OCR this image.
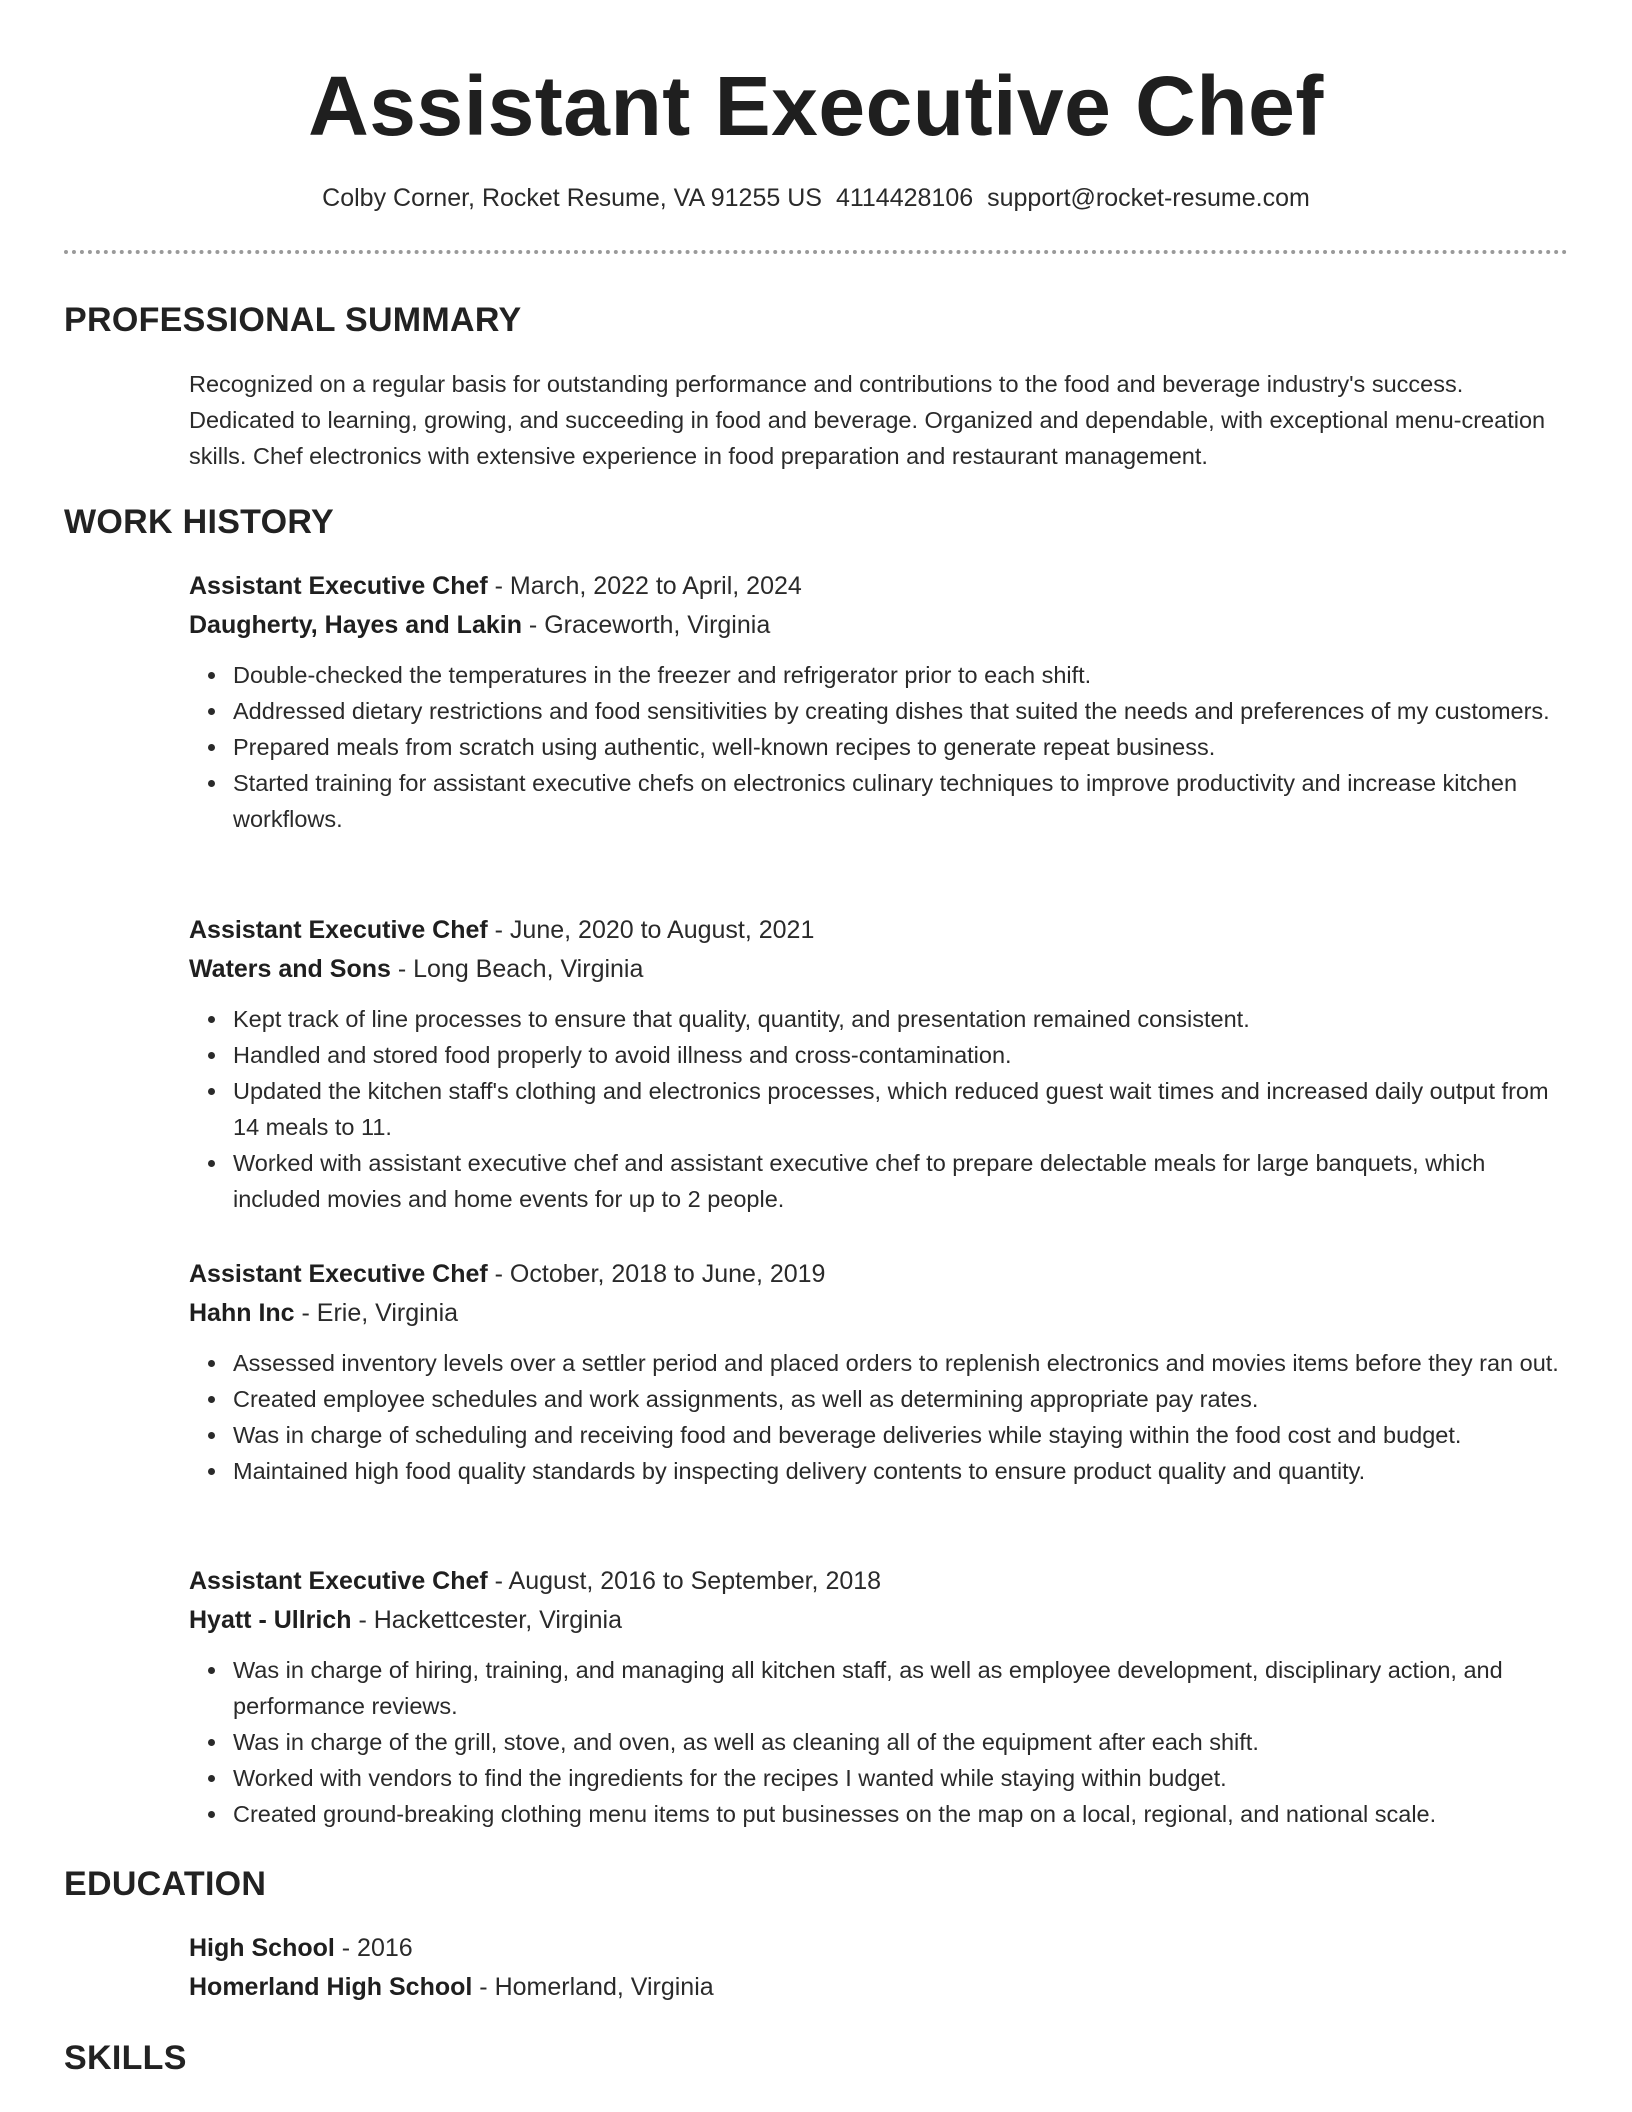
Assistant Executive Chef
Colby Corner, Rocket Resume, VA 91255 US 4114428106 support@rocket-resume.com
PROFESSIONAL SUMMARY
Recognized on a regular basis for outstanding performance and contributions to the food and beverage industry's success. Dedicated to learning, growing, and succeeding in food and beverage. Organized and dependable, with exceptional menu-creation skills. Chef electronics with extensive experience in food preparation and restaurant management.
WORK HISTORY
Assistant Executive Chef - March, 2022 to April, 2024
Daugherty, Hayes and Lakin - Graceworth, Virginia
Double-checked the temperatures in the freezer and refrigerator prior to each shift.
Addressed dietary restrictions and food sensitivities by creating dishes that suited the needs and preferences of my customers.
Prepared meals from scratch using authentic, well-known recipes to generate repeat business.
Started training for assistant executive chefs on electronics culinary techniques to improve productivity and increase kitchen workflows.
Assistant Executive Chef - June, 2020 to August, 2021
Waters and Sons - Long Beach, Virginia
Kept track of line processes to ensure that quality, quantity, and presentation remained consistent.
Handled and stored food properly to avoid illness and cross-contamination.
Updated the kitchen staff's clothing and electronics processes, which reduced guest wait times and increased daily output from 14 meals to 11.
Worked with assistant executive chef and assistant executive chef to prepare delectable meals for large banquets, which included movies and home events for up to 2 people.
Assistant Executive Chef - October, 2018 to June, 2019
Hahn Inc - Erie, Virginia
Assessed inventory levels over a settler period and placed orders to replenish electronics and movies items before they ran out.
Created employee schedules and work assignments, as well as determining appropriate pay rates.
Was in charge of scheduling and receiving food and beverage deliveries while staying within the food cost and budget.
Maintained high food quality standards by inspecting delivery contents to ensure product quality and quantity.
Assistant Executive Chef - August, 2016 to September, 2018
Hyatt - Ullrich - Hackettcester, Virginia
Was in charge of hiring, training, and managing all kitchen staff, as well as employee development, disciplinary action, and performance reviews.
Was in charge of the grill, stove, and oven, as well as cleaning all of the equipment after each shift.
Worked with vendors to find the ingredients for the recipes I wanted while staying within budget.
Created ground-breaking clothing menu items to put businesses on the map on a local, regional, and national scale.
EDUCATION
High School - 2016
Homerland High School - Homerland, Virginia
SKILLS
